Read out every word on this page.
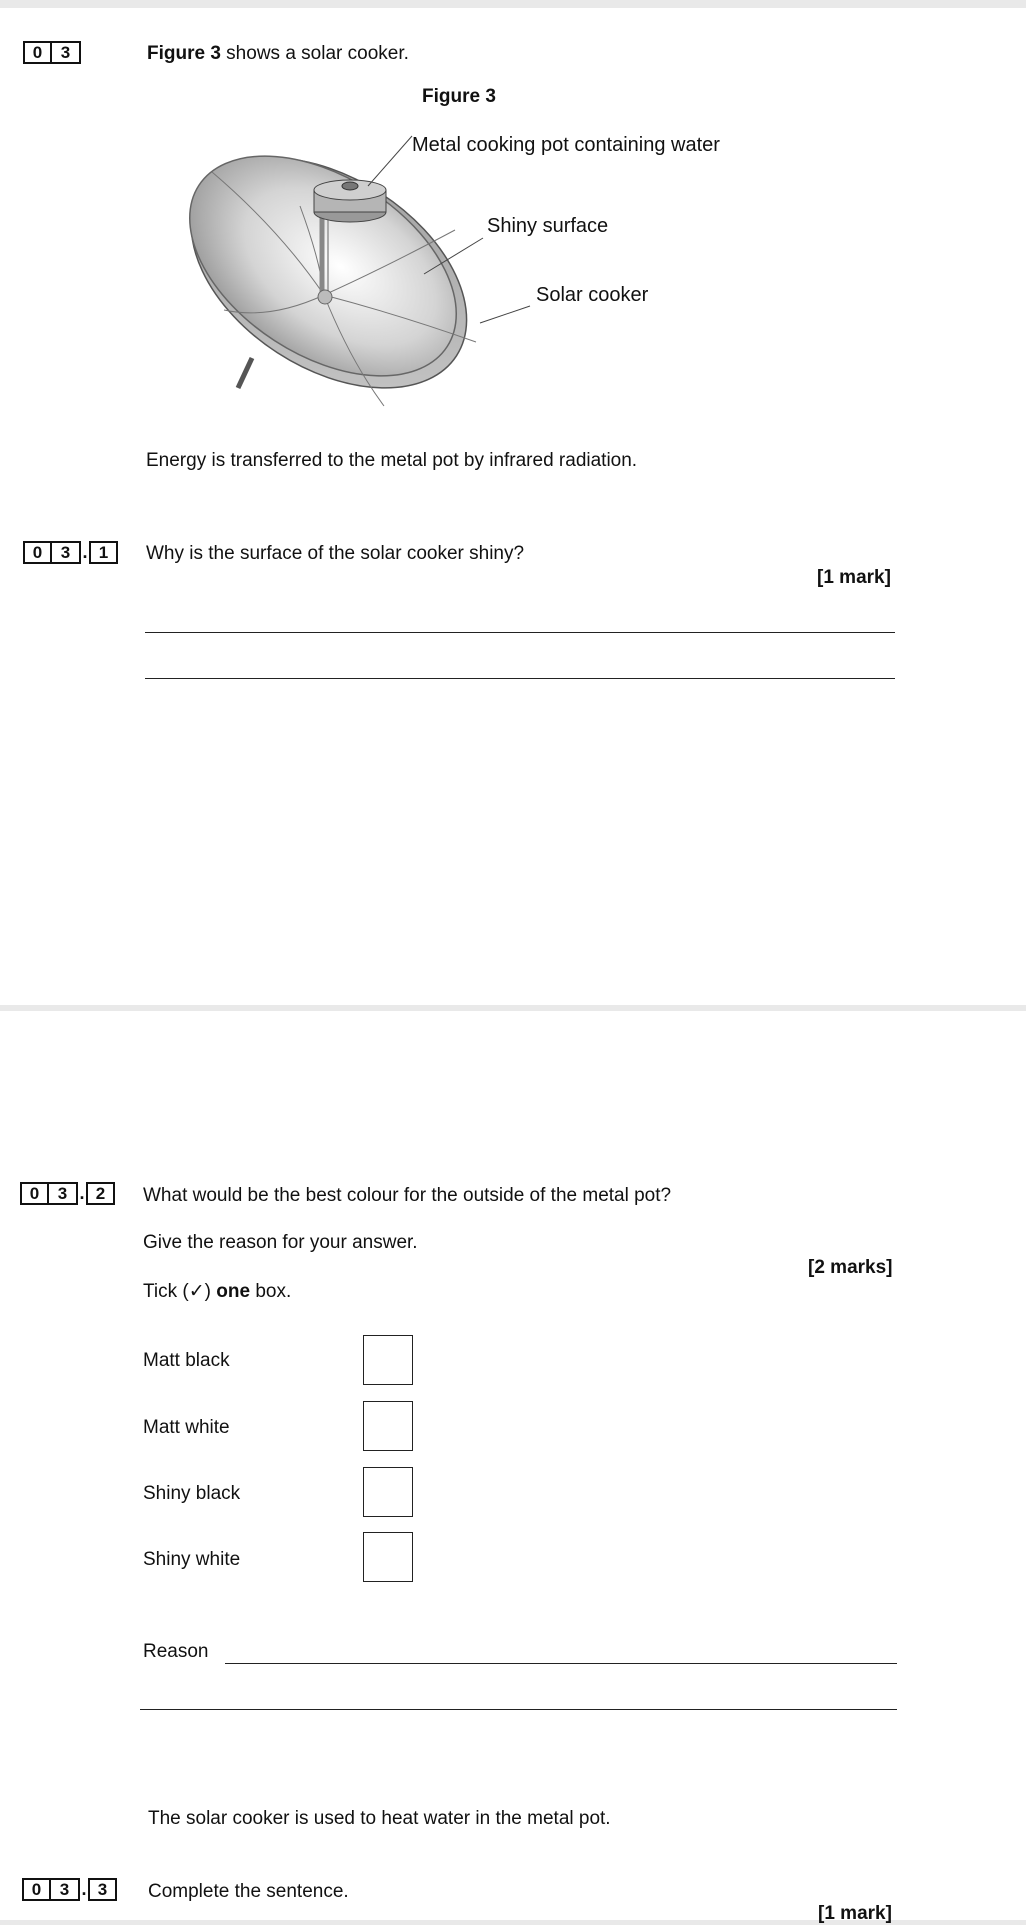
0	3	Figure 3 shows a solar cooker.
Figure 3
Metal cooking pot containing water
Shiny surface
Solar cooker
Energy is transferred to the metal pot by infrared radiation.
0	3 . 1	Why is the surface of the solar cooker shiny?
[1 mark]
0	3 . 2	What would be the best colour for the outside of the metal pot?
Give the reason for your answer.
[2 marks]
Tick (✓) one box.
Matt black
Matt white
Shiny black
Shiny white
Reason
The solar cooker is used to heat water in the metal pot.
0	3 . 3	Complete the sentence.
[1 mark]
